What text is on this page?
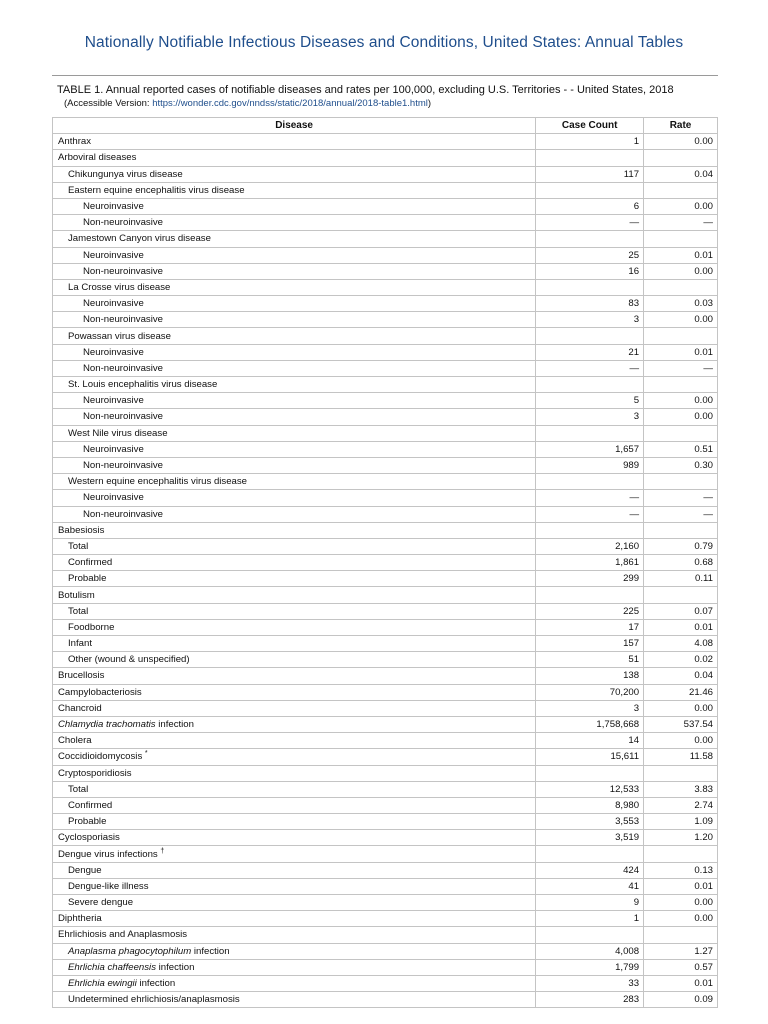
Nationally Notifiable Infectious Diseases and Conditions, United States: Annual Tables
TABLE 1. Annual reported cases of notifiable diseases and rates per 100,000, excluding U.S. Territories - - United States, 2018
(Accessible Version: https://wonder.cdc.gov/nndss/static/2018/annual/2018-table1.html)
Disease	Case Count	Rate
Anthrax	1	0.00
Arboviral diseases		
Chikungunya virus disease	117	0.04
Eastern equine encephalitis virus disease		
Neuroinvasive	6	0.00
Non-neuroinvasive	—	—
Jamestown Canyon virus disease		
Neuroinvasive	25	0.01
Non-neuroinvasive	16	0.00
La Crosse virus disease		
Neuroinvasive	83	0.03
Non-neuroinvasive	3	0.00
Powassan virus disease		
Neuroinvasive	21	0.01
Non-neuroinvasive	—	—
St. Louis encephalitis virus disease		
Neuroinvasive	5	0.00
Non-neuroinvasive	3	0.00
West Nile virus disease		
Neuroinvasive	1,657	0.51
Non-neuroinvasive	989	0.30
Western equine encephalitis virus disease		
Neuroinvasive	—	—
Non-neuroinvasive	—	—
Babesiosis		
Total	2,160	0.79
Confirmed	1,861	0.68
Probable	299	0.11
Botulism		
Total	225	0.07
Foodborne	17	0.01
Infant	157	4.08
Other (wound & unspecified)	51	0.02
Brucellosis	138	0.04
Campylobacteriosis	70,200	21.46
Chancroid	3	0.00
Chlamydia trachomatis infection	1,758,668	537.54
Cholera	14	0.00
Coccidioidomycosis *	15,611	11.58
Cryptosporidiosis		
Total	12,533	3.83
Confirmed	8,980	2.74
Probable	3,553	1.09
Cyclosporiasis	3,519	1.20
Dengue virus infections †		
Dengue	424	0.13
Dengue-like illness	41	0.01
Severe dengue	9	0.00
Diphtheria	1	0.00
Ehrlichiosis and Anaplasmosis		
Anaplasma phagocytophilum infection	4,008	1.27
Ehrlichia chaffeensis infection	1,799	0.57
Ehrlichia ewingii infection	33	0.01
Undetermined ehrlichiosis/anaplasmosis	283	0.09
